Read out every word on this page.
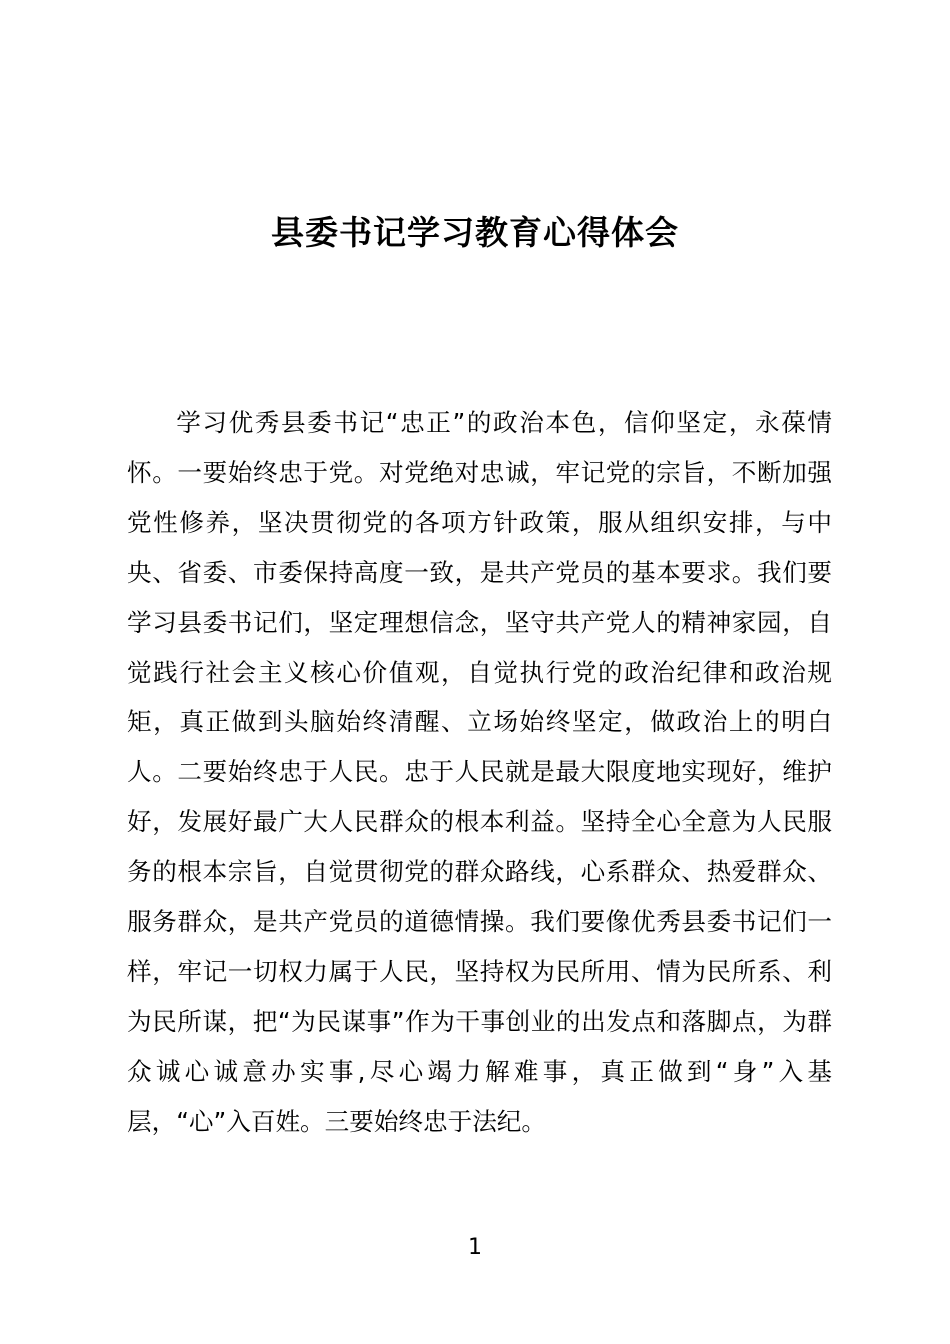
县委书记学习教育心得体会

学习优秀县委书记“忠正”的政治本色，信仰坚定，永葆情怀。一要始终忠于党。对党绝对忠诚，牢记党的宗旨，不断加强党性修养，坚决贯彻党的各项方针政策，服从组织安排，与中央、省委、市委保持高度一致，是共产党员的基本要求。我们要学习县委书记们，坚定理想信念，坚守共产党人的精神家园，自觉践行社会主义核心价值观，自觉执行党的政治纪律和政治规矩，真正做到头脑始终清醒、立场始终坚定，做政治上的明白人。二要始终忠于人民。忠于人民就是最大限度地实现好，维护好，发展好最广大人民群众的根本利益。坚持全心全意为人民服务的根本宗旨，自觉贯彻党的群众路线，心系群众、热爱群众、服务群众，是共产党员的道德情操。我们要像优秀县委书记们一样，牢记一切权力属于人民，坚持权为民所用、情为民所系、利为民所谋，把“为民谋事”作为干事创业的出发点和落脚点，为群众诚心诚意办实事,尽心竭力解难事，真正做到“身”入基层，“心”入百姓。三要始终忠于法纪。

1
